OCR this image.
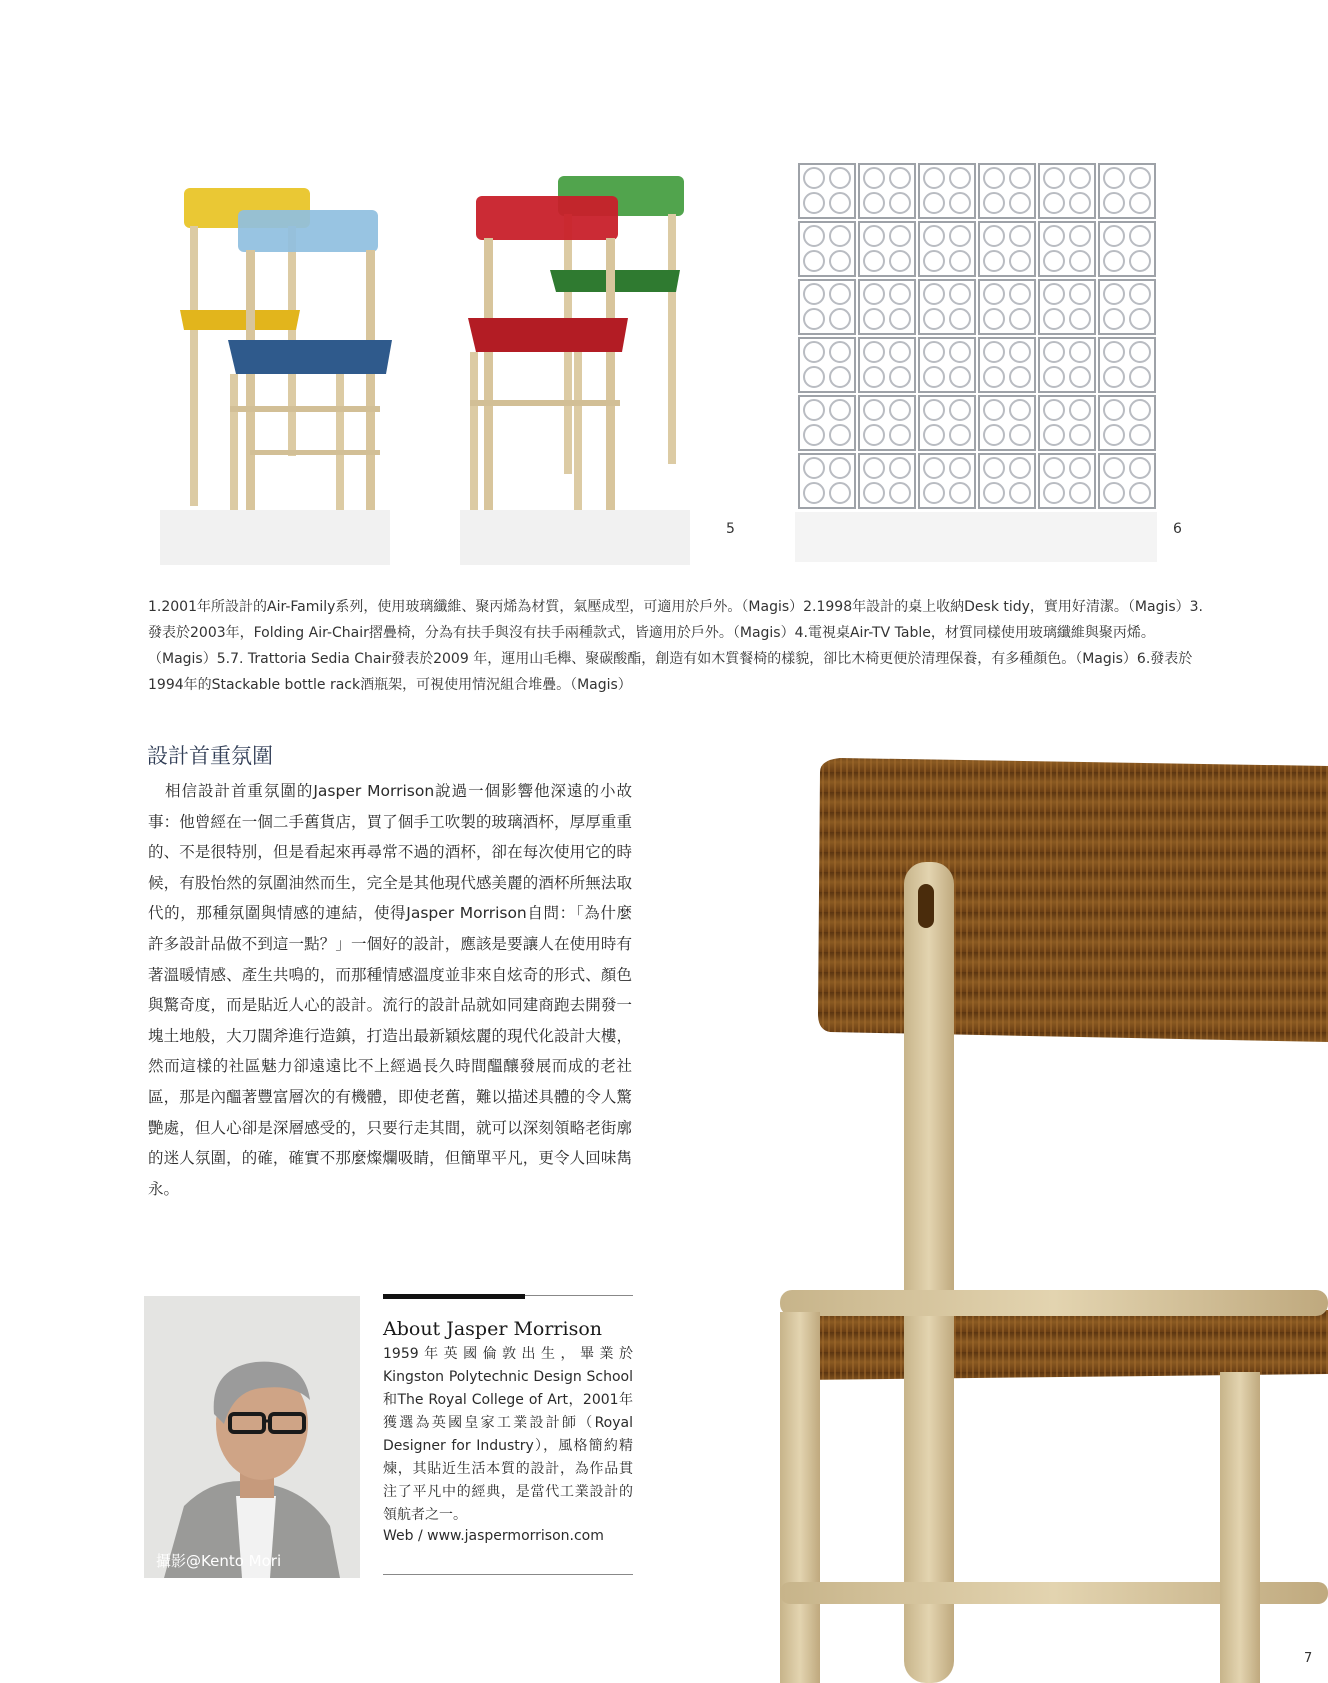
5	6
1.2001年所設計的Air-Family系列，使用玻璃纖維、聚丙烯為材質，氣壓成型，可適用於戶外。（Magis）2.1998年設計的桌上收納Desk tidy，實用好清潔。（Magis）3.發表於2003年，Folding Air-Chair摺疊椅，分為有扶手與沒有扶手兩種款式，皆適用於戶外。（Magis）4.電視桌Air-TV Table，材質同樣使用玻璃纖維與聚丙烯。（Magis）5.7. Trattoria Sedia Chair發表於2009 年，運用山毛櫸、聚碳酸酯，創造有如木質餐椅的樣貌，卻比木椅更便於清理保養，有多種顏色。（Magis）6.發表於1994年的Stackable bottle rack酒瓶架，可視使用情況組合堆疊。（Magis）
設計首重氛圍
相信設計首重氛圍的Jasper Morrison說過一個影響他深遠的小故事：他曾經在一個二手舊貨店，買了個手工吹製的玻璃酒杯，厚厚重重的、不是很特別，但是看起來再尋常不過的酒杯，卻在每次使用它的時候，有股怡然的氛圍油然而生，完全是其他現代感美麗的酒杯所無法取代的，那種氛圍與情感的連結，使得Jasper Morrison自問：「為什麼許多設計品做不到這一點？」一個好的設計，應該是要讓人在使用時有著溫暖情感、產生共鳴的，而那種情感溫度並非來自炫奇的形式、顏色與驚奇度，而是貼近人心的設計。流行的設計品就如同建商跑去開發一塊土地般，大刀闊斧進行造鎮，打造出最新穎炫麗的現代化設計大樓，然而這樣的社區魅力卻遠遠比不上經過長久時間醞釀發展而成的老社區，那是內醞著豐富層次的有機體，即使老舊，難以描述具體的令人驚艷處，但人心卻是深層感受的，只要行走其間，就可以深刻領略老街廓的迷人氛圍，的確，確實不那麼燦爛吸睛，但簡單平凡，更令人回味雋永。
攝影@Kento Mori
About Jasper Morrison
1959年英國倫敦出生，畢業於Kingston Polytechnic Design School和The Royal College of Art，2001年獲選為英國皇家工業設計師（Royal Designer for Industry），風格簡約精煉，其貼近生活本質的設計，為作品貫注了平凡中的經典，是當代工業設計的領航者之一。
Web / www.jaspermorrison.com
7
